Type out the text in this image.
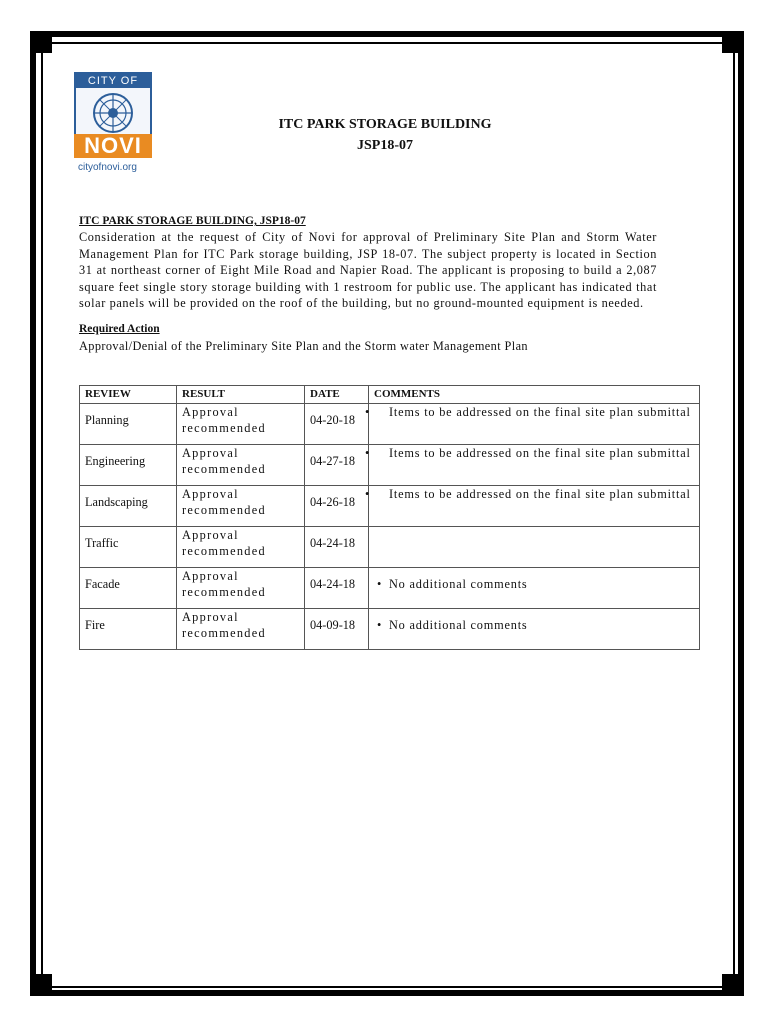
CITY OF
NOVI
cityofnovi.org
ITC PARK STORAGE BUILDING
JSP18-07
ITC PARK STORAGE BUILDING, JSP18-07

Consideration at the request of City of Novi for approval of Preliminary Site Plan and Storm Water Management Plan for ITC Park storage building, JSP 18-07. The subject property is located in Section 31 at northeast corner of Eight Mile Road and Napier Road. The applicant is proposing to build a 2,087 square feet single story storage building with 1 restroom for public use. The applicant has indicated that solar panels will be provided on the roof of the building, but no ground-mounted equipment is needed.

Required Action
Approval/Denial of the Preliminary Site Plan and the Storm water Management Plan
REVIEW	RESULT	DATE	COMMENTS
Planning	Approval recommended	04-20-18	• Items to be addressed on the final site plan submittal

Engineering	Approval recommended	04-27-18	• Items to be addressed on the final site plan submittal

Landscaping	Approval recommended	04-26-18	• Items to be addressed on the final site plan submittal

Traffic	Approval recommended	04-24-18	
Facade	Approval recommended	04-24-18	• No additional comments

Fire	Approval recommended	04-09-18	• No additional comments
